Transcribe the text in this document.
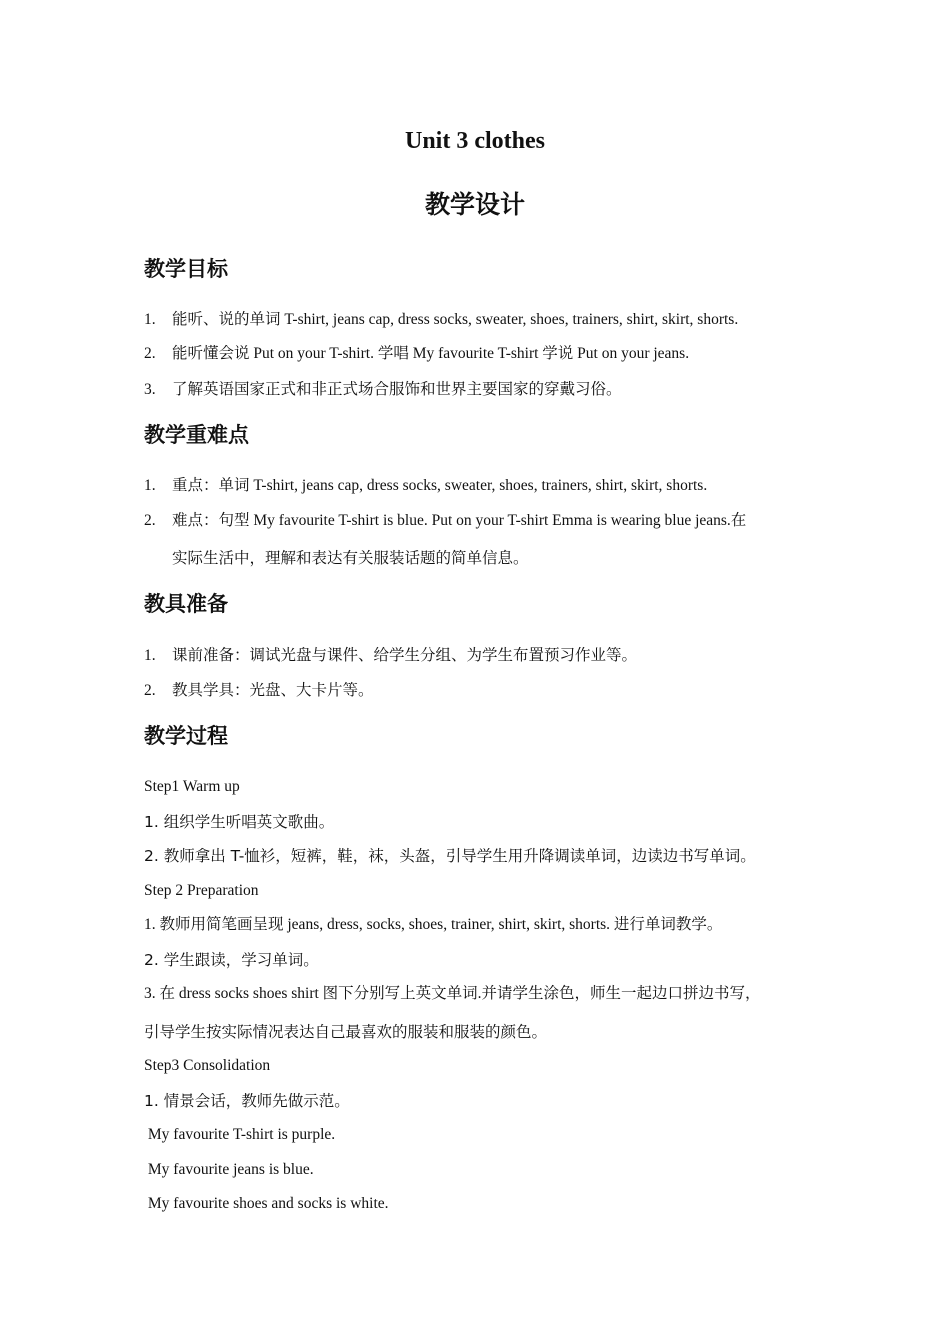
Unit 3 clothes
教学设计
教学目标
1. 能听、说的单词 T-shirt, jeans cap, dress socks, sweater, shoes, trainers, shirt, skirt, shorts.
2. 能听懂会说 Put on your T-shirt. 学唱 My favourite T-shirt 学说 Put on your jeans.
3. 了解英语国家正式和非正式场合服饰和世界主要国家的穿戴习俗。
教学重难点
1. 重点：单词 T-shirt, jeans cap, dress socks, sweater, shoes, trainers, shirt, skirt, shorts.
2. 难点：句型 My favourite T-shirt is blue. Put on your T-shirt Emma is wearing blue jeans.在
实际生活中，理解和表达有关服装话题的简单信息。
教具准备
1. 课前准备：调试光盘与课件、给学生分组、为学生布置预习作业等。
2. 教具学具：光盘、大卡片等。
教学过程
Step1 Warm up
1. 组织学生听唱英文歌曲。
2. 教师拿出 T-恤衫，短裤，鞋，袜，头盔，引导学生用升降调读单词，边读边书写单词。
Step 2 Preparation
1. 教师用简笔画呈现 jeans, dress, socks, shoes, trainer, shirt, skirt, shorts. 进行单词教学。
2. 学生跟读，学习单词。
3. 在 dress socks shoes shirt 图下分别写上英文单词.并请学生涂色，师生一起边口拼边书写，
引导学生按实际情况表达自己最喜欢的服装和服装的颜色。
Step3 Consolidation
1. 情景会话，教师先做示范。
My favourite T-shirt is purple.
My favourite jeans is blue.
My favourite shoes and socks is white.
